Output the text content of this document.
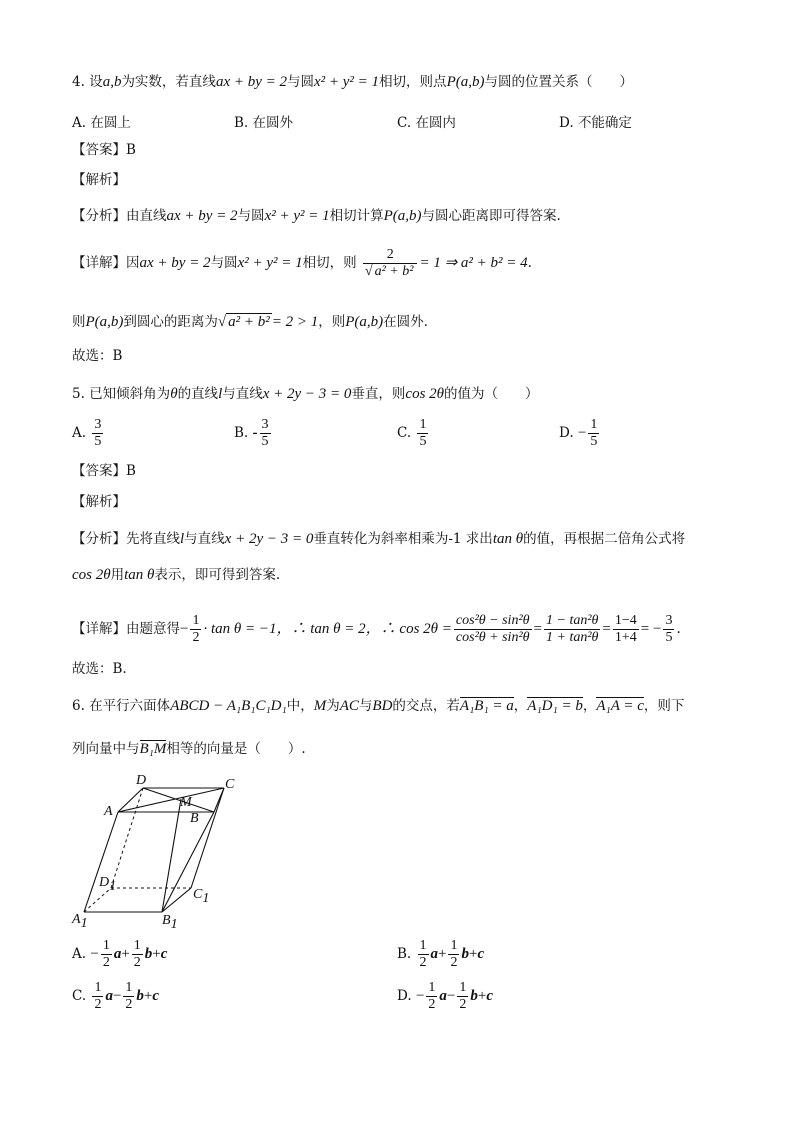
4. 设a,b为实数，若直线ax + by = 2与圆x² + y² = 1相切，则点P(a,b)与圆的位置关系（　　）
A. 在圆上	B. 在圆外	C. 在圆内	D. 不能确定
【答案】B
【解析】
【分析】由直线ax + by = 2与圆x² + y² = 1相切计算P(a,b)与圆心距离即可得答案.
【详解】因ax + by = 2与圆x² + y² = 1相切，则 $\frac{2}{\text{√ a² + b²}} = 1$ ⇒ a² + b² = 4.
则P(a,b)到圆心的距离为√ a² + b² = 2 > 1，则P(a,b)在圆外.
故选：B
5. 已知倾斜角为θ的直线l与直线x + 2y − 3 = 0垂直，则cos 2θ的值为（　　）
A. $\frac{3}{5}$	B. - $\frac{3}{5}$	C. $\frac{1}{5}$	D. − $\frac{1}{5}$
【答案】B
【解析】
【分析】先将直线l与直线x + 2y − 3 = 0垂直转化为斜率相乘为-1 求出tan θ的值，再根据二倍角公式将
cos 2θ用tan θ表示，即可得到答案.
【详解】由题意得− $\frac{1}{2} \cdot \tan \theta = -1$，∴ tan θ = 2，∴ $\cos 2\theta = \frac{\text{cos²θ − sin²θ}}{\text{cos²θ + sin²θ}} = \frac{\text{1 − tan²θ}}{\text{1 + tan²θ}} = \frac{1-4}{1+4}$ = − $\frac{3}{5}$ .
故选：B.
6. 在平行六面体ABCD − A₁B₁C₁D₁中，M为AC与BD的交点，若A₁B₁ = a，A₁D₁ = b，A₁A = c，则下
列向量中与B₁M相等的向量是（　　）.
D	C
A
M
B
D1
C1
A1	B1
A. − $\frac{1}{2} a+ \frac{1}{2} b+c$	B. $\frac{1}{2} a+ \frac{1}{2} b+c$
C. $\frac{1}{2} a- \frac{1}{2} b+c$	D. − $\frac{1}{2} a- \frac{1}{2} b+c$
